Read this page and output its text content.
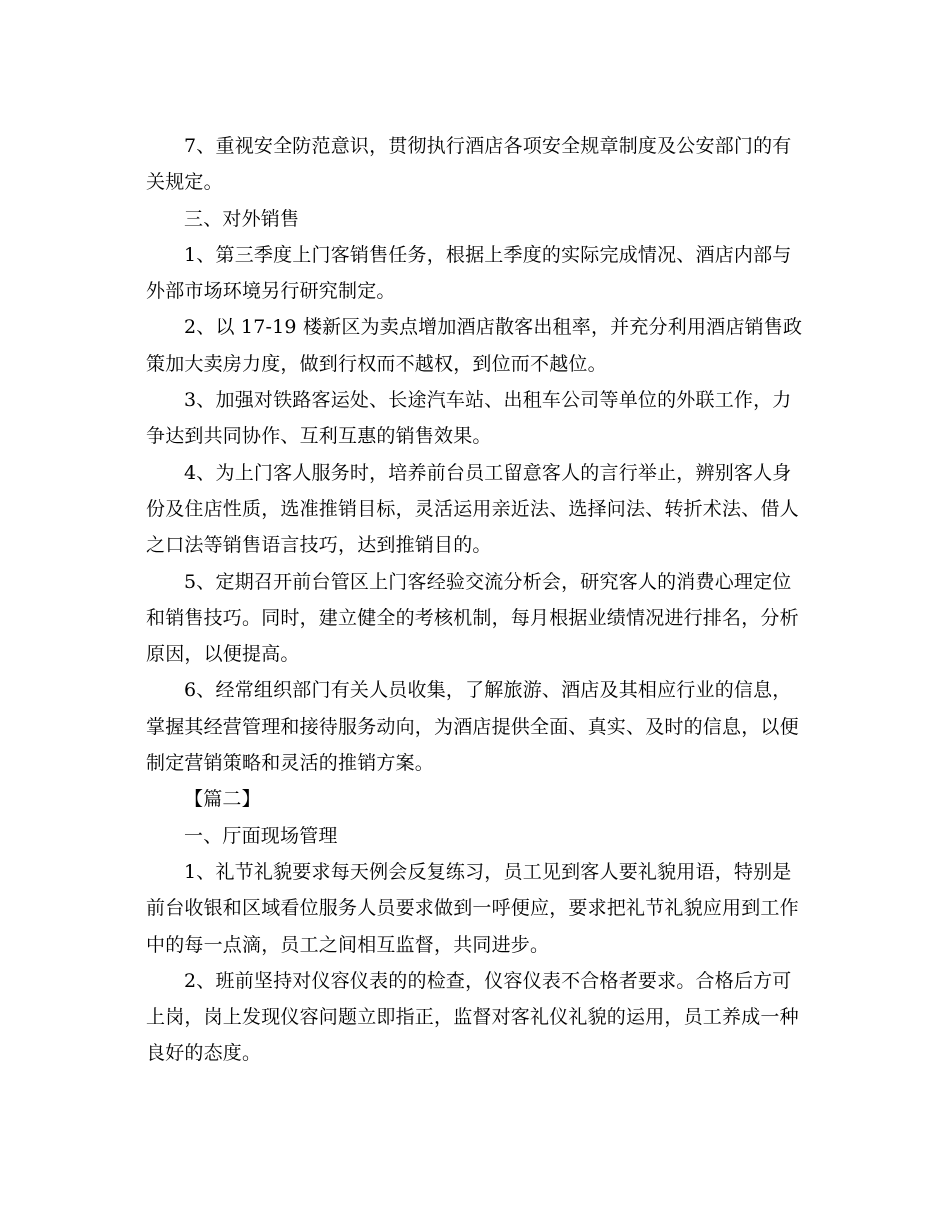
7、重视安全防范意识，贯彻执行酒店各项安全规章制度及公安部门的有关规定。

三、对外销售

1、第三季度上门客销售任务，根据上季度的实际完成情况、酒店内部与外部市场环境另行研究制定。

2、以 17-19 楼新区为卖点增加酒店散客出租率，并充分利用酒店销售政策加大卖房力度，做到行权而不越权，到位而不越位。

3、加强对铁路客运处、长途汽车站、出租车公司等单位的外联工作，力争达到共同协作、互利互惠的销售效果。

4、为上门客人服务时，培养前台员工留意客人的言行举止，辨别客人身份及住店性质，选准推销目标，灵活运用亲近法、选择问法、转折术法、借人之口法等销售语言技巧，达到推销目的。

5、定期召开前台管区上门客经验交流分析会，研究客人的消费心理定位和销售技巧。同时，建立健全的考核机制，每月根据业绩情况进行排名，分析原因，以便提高。

6、经常组织部门有关人员收集，了解旅游、酒店及其相应行业的信息，掌握其经营管理和接待服务动向，为酒店提供全面、真实、及时的信息，以便制定营销策略和灵活的推销方案。

【篇二】

一、厅面现场管理

1、礼节礼貌要求每天例会反复练习，员工见到客人要礼貌用语，特别是前台收银和区域看位服务人员要求做到一呼便应，要求把礼节礼貌应用到工作中的每一点滴，员工之间相互监督，共同进步。

2、班前坚持对仪容仪表的的检查，仪容仪表不合格者要求。合格后方可上岗，岗上发现仪容问题立即指正，监督对客礼仪礼貌的运用，员工养成一种良好的态度。
